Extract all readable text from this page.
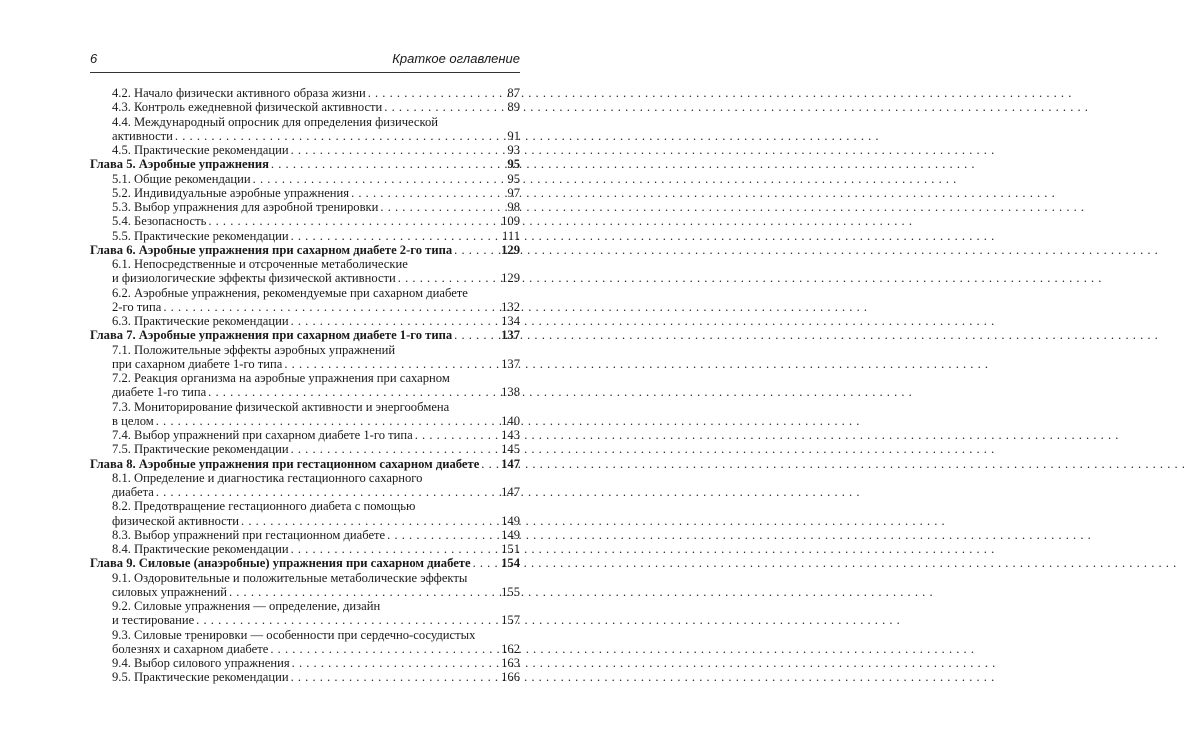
6	Краткое оглавление
4.2. Начало физически активного образа жизни . . .	87
4.3. Контроль ежедневной физической активности . . .	89
4.4. Международный опросник для определения физической
активности . . .	91
4.5. Практические рекомендации . . .	93
Глава 5. Аэробные упражнения . . .	95
5.1. Общие рекомендации . . .	95
5.2. Индивидуальные аэробные упражнения . . .	97
5.3. Выбор упражнения для аэробной тренировки . . .	98
5.4. Безопасность . . .	109
5.5. Практические рекомендации . . .	111
Глава 6. Аэробные упражнения при сахарном диабете 2-го типа . . .	129
6.1. Непосредственные и отсроченные метаболические
и физиологические эффекты физической активности . . .	129
6.2. Аэробные упражнения, рекомендуемые при сахарном диабете
2-го типа . . .	132
6.3. Практические рекомендации . . .	134
Глава 7. Аэробные упражнения при сахарном диабете 1-го типа . . .	137
7.1. Положительные эффекты аэробных упражнений
при сахарном диабете 1-го типа . . .	137
7.2. Реакция организма на аэробные упражнения при сахарном
диабете 1-го типа . . .	138
7.3. Мониторирование физической активности и энергообмена
в целом . . .	140
7.4. Выбор упражнений при сахарном диабете 1-го типа . . .	143
7.5. Практические рекомендации . . .	145
Глава 8. Аэробные упражнения при гестационном сахарном диабете . . . 147
8.1. Определение и диагностика гестационного сахарного
диабета . . .	147
8.2. Предотвращение гестационного диабета с помощью
физической активности . . .	149
8.3. Выбор упражнений при гестационном диабете . . .	149
8.4. Практические рекомендации . . .	151
Глава 9. Силовые (анаэробные) упражнения при сахарном диабете . . . 154
9.1. Оздоровительные и положительные метаболические эффекты
силовых упражнений . . .	155
9.2. Силовые упражнения — определение, дизайн
и тестирование . . .	157
9.3. Силовые тренировки — особенности при сердечно-сосудистых
болезнях и сахарном диабете . . .	162
9.4. Выбор силового упражнения . . .	163
9.5. Практические рекомендации . . .	166
